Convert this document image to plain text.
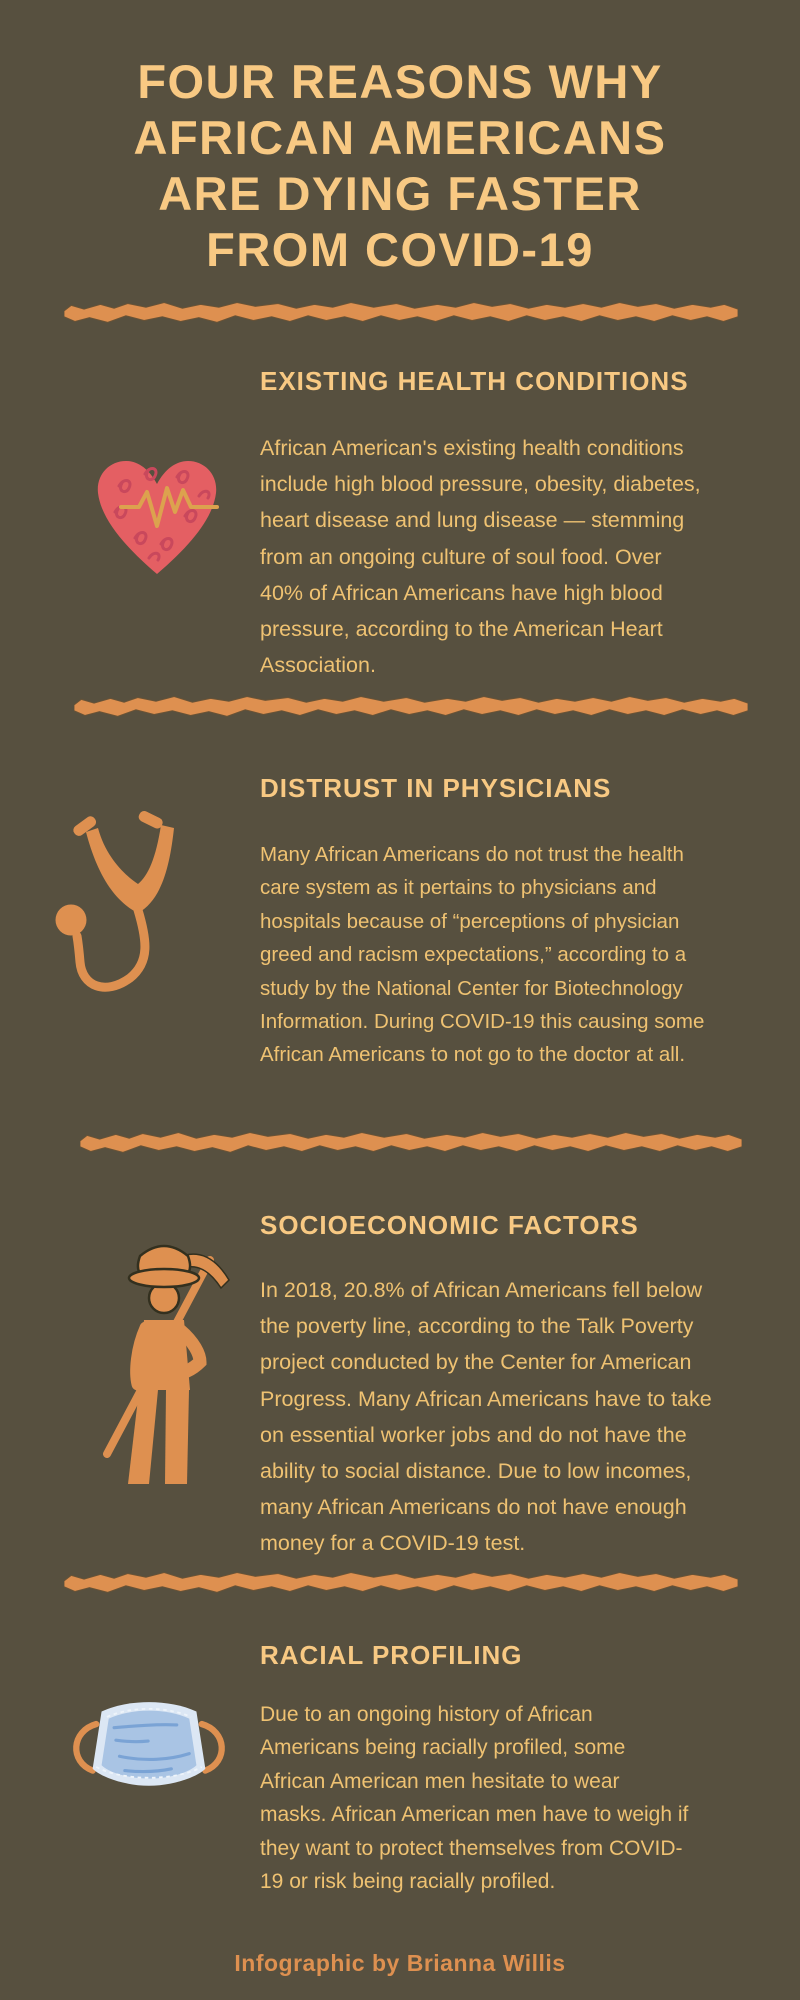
FOUR REASONS WHY
AFRICAN AMERICANS
ARE DYING FASTER
FROM COVID-19
EXISTING HEALTH CONDITIONS

African American's existing health conditions
include high blood pressure, obesity, diabetes,
heart disease and lung disease — stemming
from an ongoing culture of soul food. Over
40% of African Americans have high blood
pressure, according to the American Heart
Association.

DISTRUST IN PHYSICIANS

Many African Americans do not trust the health
care system as it pertains to physicians and
hospitals because of “perceptions of physician
greed and racism expectations,” according to a
study by the National Center for Biotechnology
Information. During COVID-19 this causing some
African Americans to not go to the doctor at all.

SOCIOECONOMIC FACTORS

In 2018, 20.8% of African Americans fell below
the poverty line, according to the Talk Poverty
project conducted by the Center for American
Progress. Many African Americans have to take
on essential worker jobs and do not have the
ability to social distance. Due to low incomes,
many African Americans do not have enough
money for a COVID-19 test.

RACIAL PROFILING

Due to an ongoing history of African
Americans being racially profiled, some
African American men hesitate to wear
masks. African American men have to weigh if
they want to protect themselves from COVID-
19 or risk being racially profiled.

Infographic by Brianna Willis
